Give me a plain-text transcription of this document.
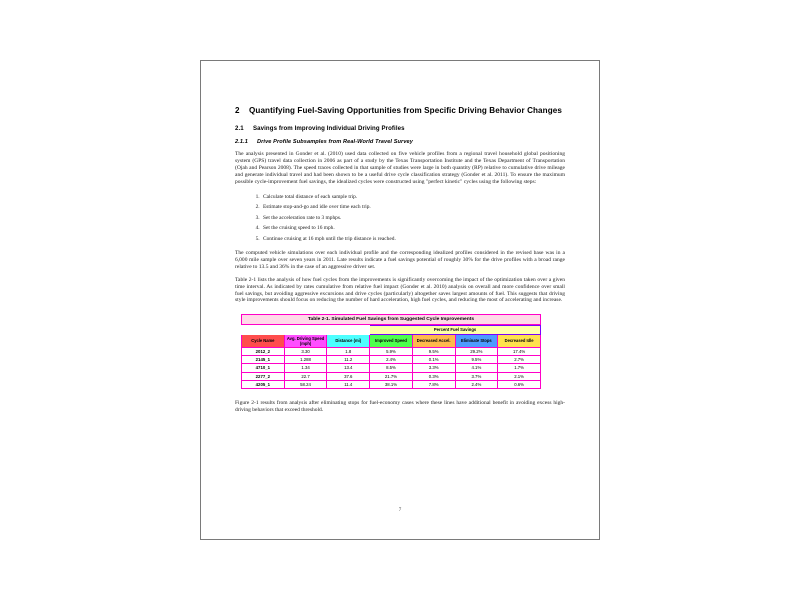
2 Quantifying Fuel-Saving Opportunities from Specific Driving Behavior Changes
2.1 Savings from Improving Individual Driving Profiles
2.1.1 Drive Profile Subsamples from Real-World Travel Survey
The analysis presented in Gonder et al. (2010) used data collected on five vehicle profiles from a regional travel household global positioning system (GPS) travel data collection in 2006 as part of a study by the Texas Transportation Institute and the Texas Department of Transportation (Ojah and Pearson 2008). The speed traces collected in that sample of studies were large in both quantity (RP) relative to cumulative drive mileage and generate individual travel and had been shown to be a useful drive cycle classification strategy (Gonder et al. 2011). To ensure the maximum possible cycle-improvement fuel savings, the idealized cycles were constructed using "perfect kinetic" cycles using the following steps:
1. Calculate total distance of each sample trip.
2. Estimate stop-and-go and idle over time each trip.
3. Set the acceleration rate to 3 mphps.
4. Set the cruising speed to 16 mph.
5. Continue cruising at 16 mph until the trip distance is reached.
The computed vehicle simulations over each individual profile and the corresponding idealized profiles considered in the revised base was in a 6,000 mile sample over seven years in 2011. Late results indicate a fuel savings potential of roughly 30% for the drive profiles with a broad range relative to 13.5 and 36% in the case of an aggressive driver set.
Table 2-1 lists the analysis of how fuel cycles from the improvements is significantly overcoming the impact of the optimization taken over a given time interval. As indicated by rates cumulative from relative fuel impact (Gonder et al. 2010) analysis on overall and more confidence over small fuel savings, but avoiding aggressive excursions and drive cycles (particularly) altogether saves largest amounts of fuel. This suggests that driving style improvements should focus on reducing the number of hard acceleration, high fuel cycles, and reducing the most of accelerating and increase.
Table 2-1. Simulated Fuel Savings from Suggested Cycle Improvements
			Percent Fuel Savings			
Cycle Name	Avg. Driving Speed (mph)	Distance (mi)	Improved Speed	Decreased Accel.	Eliminate Stops	Decreased Idle
2012_2	3.30	1.8	5.9%	9.5%	29.2%	17.4%
2145_1	1.288	11.2	2.4%	0.1%	9.5%	2.7%
4710_1	1.34	13.4	8.5%	3.3%	4.1%	1.7%
2277_2	22.7	37.6	21.7%	0.3%	3.7%	2.1%
4205_1	58.24	11.4	38.1%	7.8%	2.4%	0.6%
Figure 2-1 results from analysis after eliminating stops for fuel-economy cases where these lines have additional benefit in avoiding excess high-driving behaviors that exceed threshold.
7
